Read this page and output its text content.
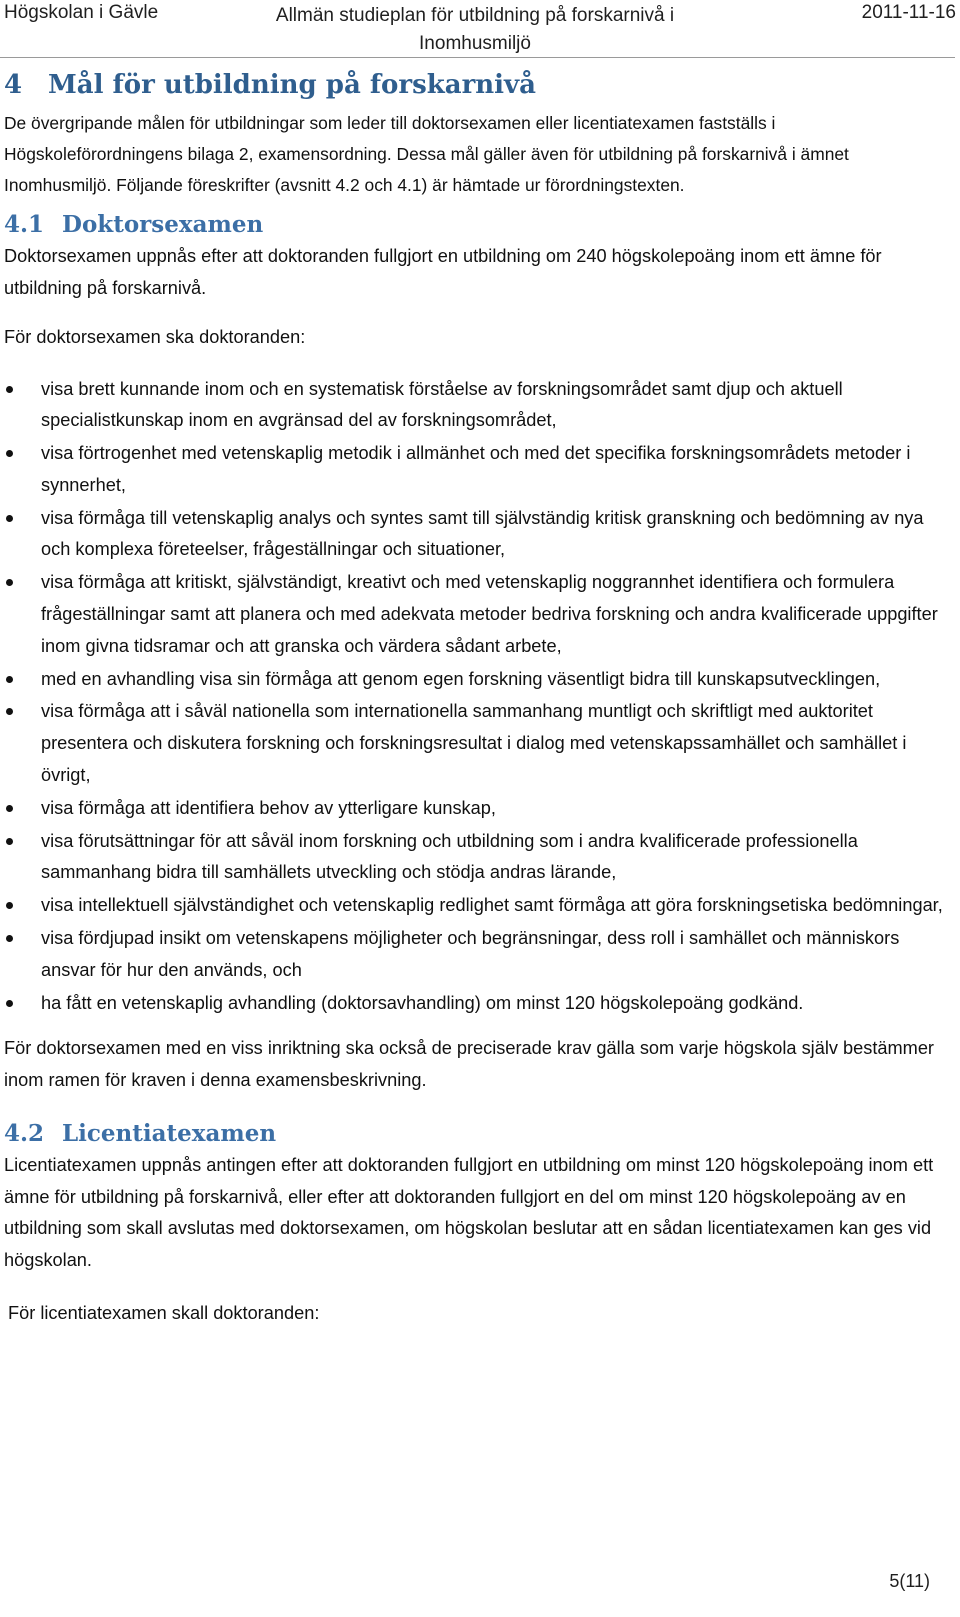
Högskolan i Gävle	Allmän studieplan för utbildning på forskarnivå i Inomhusmiljö
2011-11-16
4 Mål för utbildning på forskarnivå

De övergripande målen för utbildningar som leder till doktorsexamen eller licentiatexamen fastställs i Högskoleförordningens bilaga 2, examensordning. Dessa mål gäller även för utbildning på forskarnivå i ämnet Inomhusmiljö. Följande föreskrifter (avsnitt 4.2 och 4.1) är hämtade ur förordningstexten.

4.1 Doktorsexamen

Doktorsexamen uppnås efter att doktoranden fullgjort en utbildning om 240 högskolepoäng inom ett ämne för utbildning på forskarnivå.

För doktorsexamen ska doktoranden:

visa brett kunnande inom och en systematisk förståelse av forskningsområdet samt djup och aktuell specialistkunskap inom en avgränsad del av forskningsområdet,
visa förtrogenhet med vetenskaplig metodik i allmänhet och med det specifika forskningsområdets metoder i synnerhet,
visa förmåga till vetenskaplig analys och syntes samt till självständig kritisk granskning och bedömning av nya och komplexa företeelser, frågeställningar och situationer,
visa förmåga att kritiskt, självständigt, kreativt och med vetenskaplig noggrannhet identifiera och formulera frågeställningar samt att planera och med adekvata metoder bedriva forskning och andra kvalificerade uppgifter inom givna tidsramar och att granska och värdera sådant arbete,
med en avhandling visa sin förmåga att genom egen forskning väsentligt bidra till kunskapsutvecklingen,
visa förmåga att i såväl nationella som internationella sammanhang muntligt och skriftligt med auktoritet presentera och diskutera forskning och forskningsresultat i dialog med vetenskapssamhället och samhället i övrigt,
visa förmåga att identifiera behov av ytterligare kunskap,
visa förutsättningar för att såväl inom forskning och utbildning som i andra kvalificerade professionella sammanhang bidra till samhällets utveckling och stödja andras lärande,
visa intellektuell självständighet och vetenskaplig redlighet samt förmåga att göra forskningsetiska bedömningar,
visa fördjupad insikt om vetenskapens möjligheter och begränsningar, dess roll i samhället och människors ansvar för hur den används, och
ha fått en vetenskaplig avhandling (doktorsavhandling) om minst 120 högskolepoäng godkänd.

För doktorsexamen med en viss inriktning ska också de preciserade krav gälla som varje högskola själv bestämmer inom ramen för kraven i denna examensbeskrivning.

4.2 Licentiatexamen

Licentiatexamen uppnås antingen efter att doktoranden fullgjort en utbildning om minst 120 högskolepoäng inom ett ämne för utbildning på forskarnivå, eller efter att doktoranden fullgjort en del om minst 120 högskolepoäng av en utbildning som skall avslutas med doktorsexamen, om högskolan beslutar att en sådan licentiatexamen kan ges vid högskolan.

För licentiatexamen skall doktoranden:

5(11)
